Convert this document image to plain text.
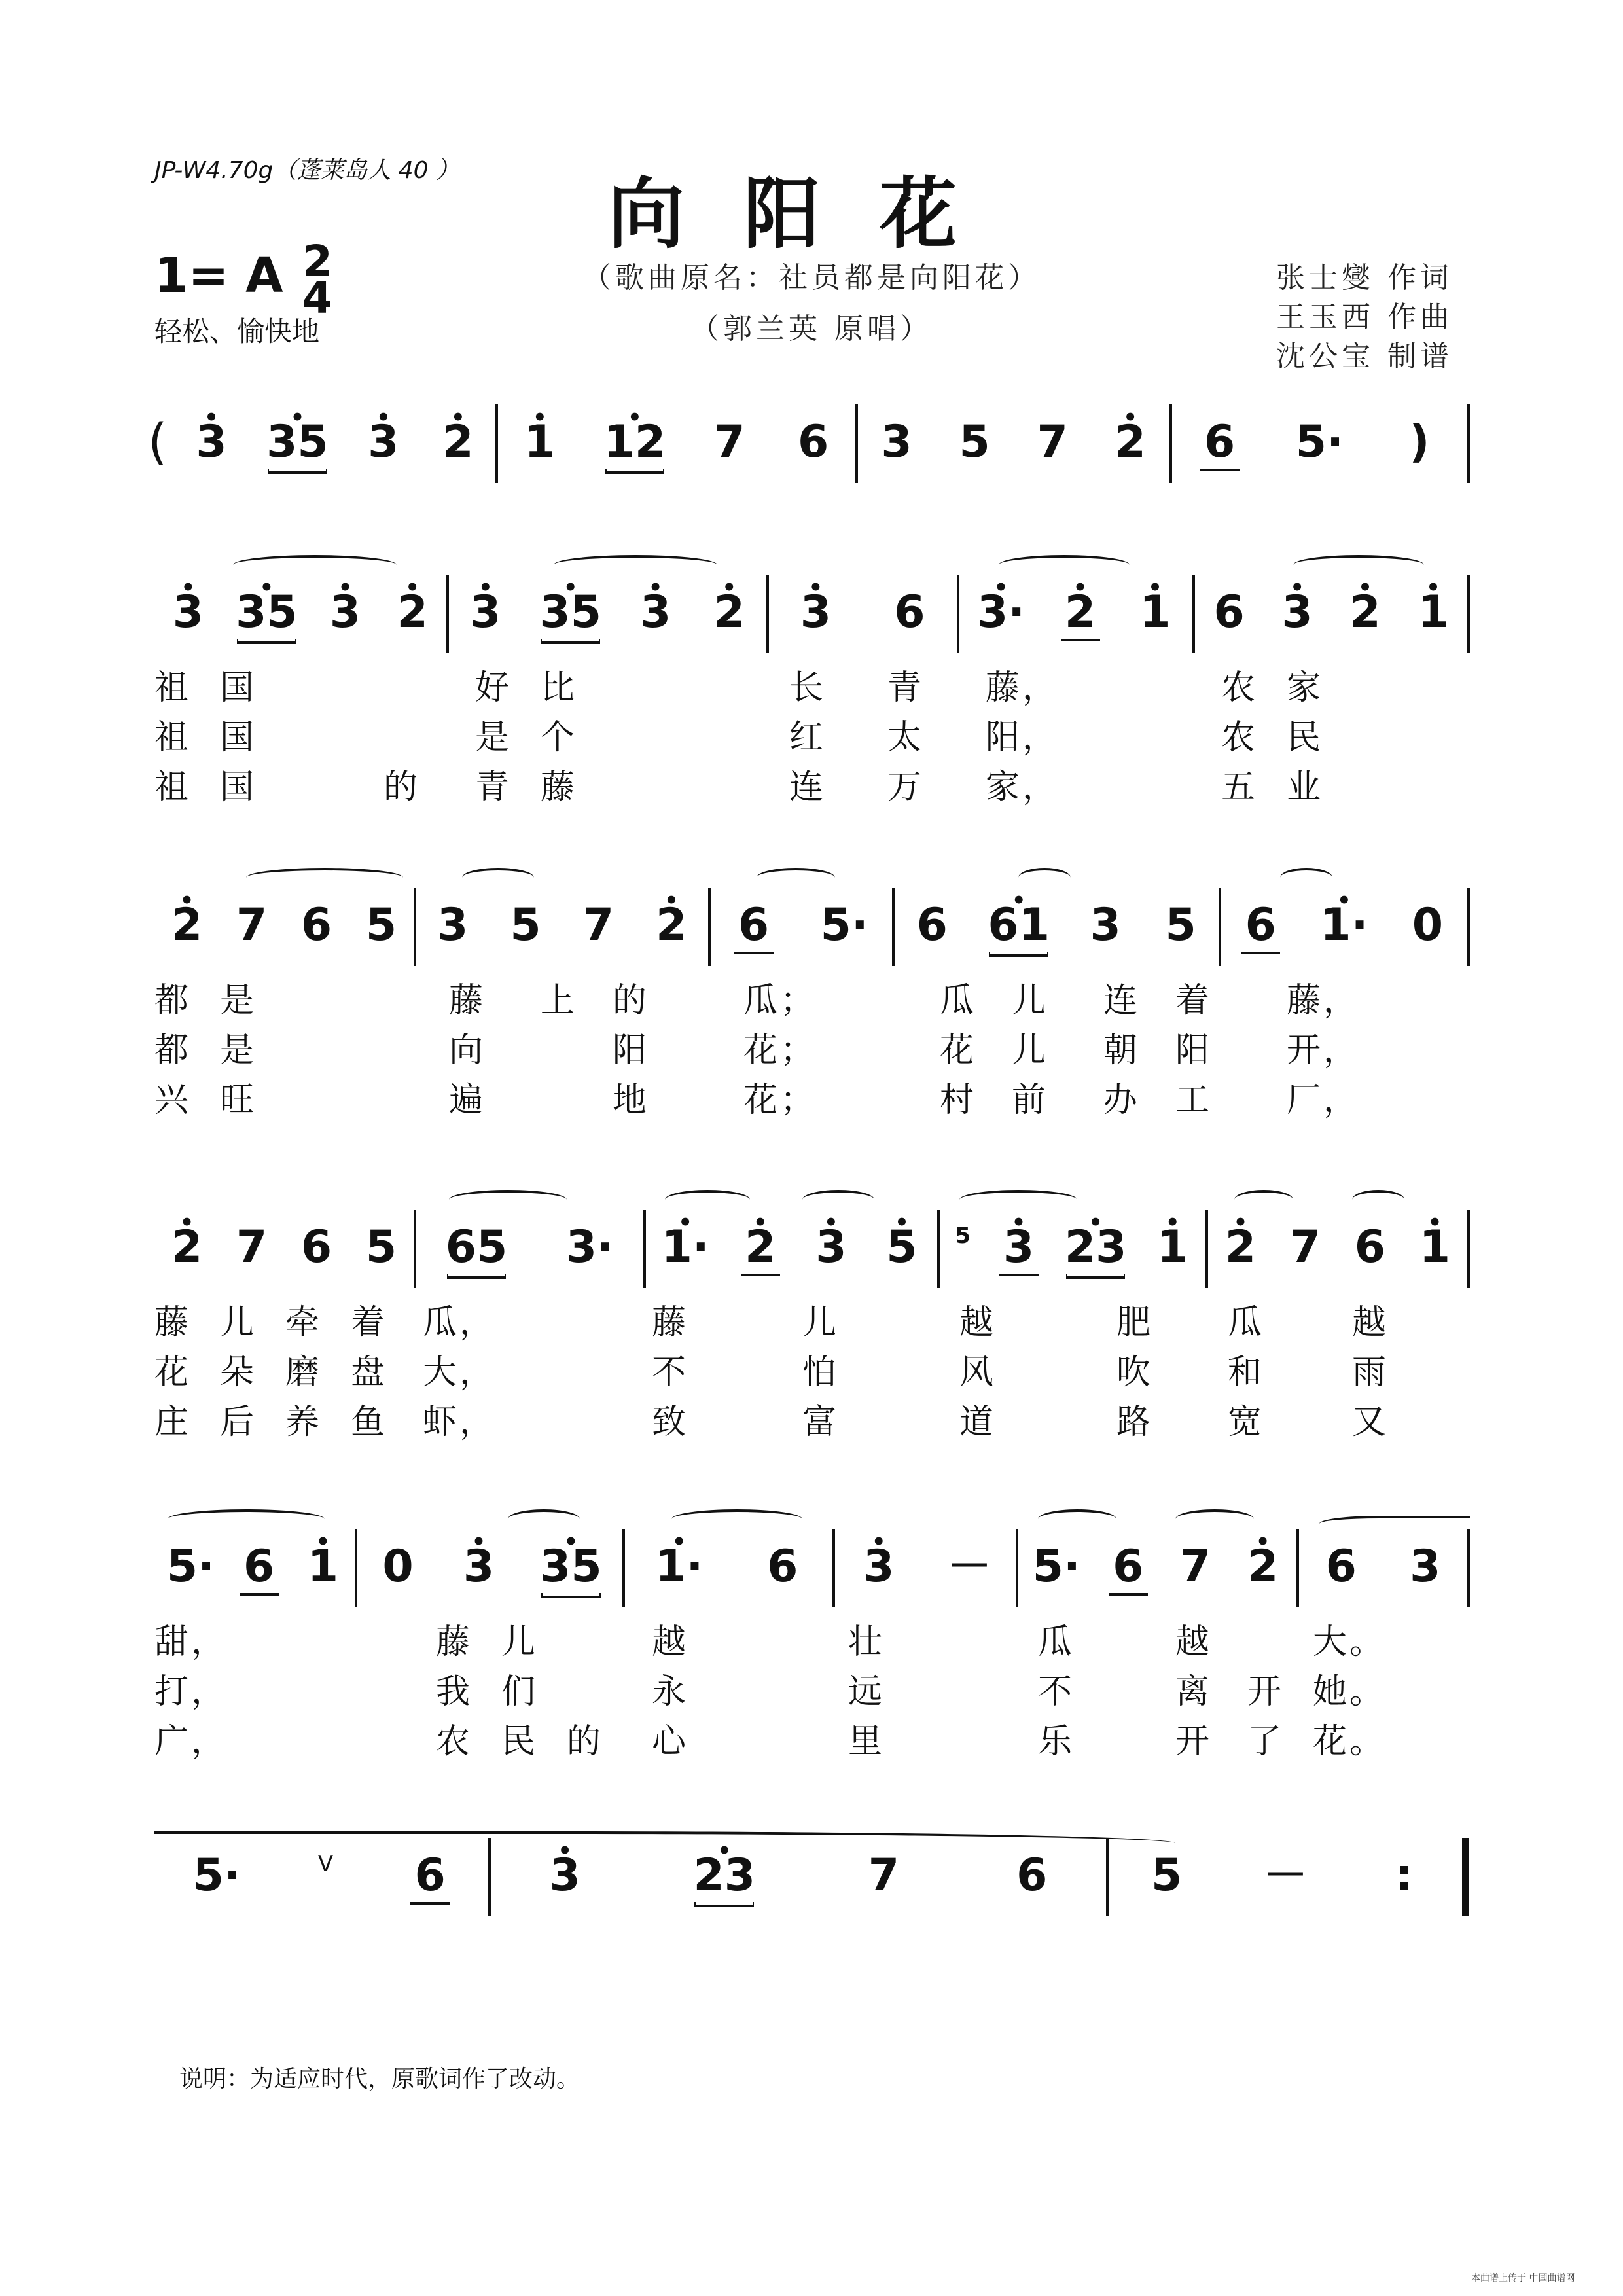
JP-W4.70g（蓬莱岛人 40 ）	向阳花
（歌曲原名：社员都是向阳花）
（郭兰英 原唱）
张士燮 作词
王玉西 作曲
沈公宝 制谱
1= A 2
4
轻松、愉快地
( • 3 • 35 • 3 • 2 • 1 • 12 7 6 3 5 7 • 2 6 5· )
• 3 • 35 • 3 • 2 • 3 • 35 • 3 • 2 • 3 6 • 3· • 2 • 1 6 • 3 • 2 • 1
祖 国	好 比	长 青 藤，	农 家
祖 国	是 个	红 太 阳，	农 民
祖 国	的 青 藤	连 万 家，	五 业
• 2 7 6 5 3 5 7 • 2 6 5· 6 • 61 3 5 6 • 1· 0
都 是	藤 上 的	瓜；	瓜 儿 连 着 藤，
都 是	向	阳	花；	花 儿 朝 阳 开，
兴 旺	遍	地	花；	村 前 办 工 厂，
• 2 7 6 5 65 3· • 1· • 2 • 3 • 5 5 • 3 • 23 • 1 • 2 7 6 • 1
藤 儿 牵 着 瓜，	藤	儿	越	肥 瓜	越
花 朵 磨 盘 大，	不	怕	风	吹 和	雨
庄 后 养 鱼 虾，	致	富	道	路 宽	又
5· 6 • 1 0 • 3 • 35 • 1· 6 • 3 － 5· 6 7 • 2 6 3
甜，	藤 儿	越	壮	瓜	越	大。
打，	我 们	永	远	不	离 开 她。
广，	农 民 的 心	里	乐	开 了 花。
5·	V 6 • 3	• 23	7	6 5 － :
说明：为适应时代，原歌词作了改动。
本曲谱上传于 中国曲谱网
